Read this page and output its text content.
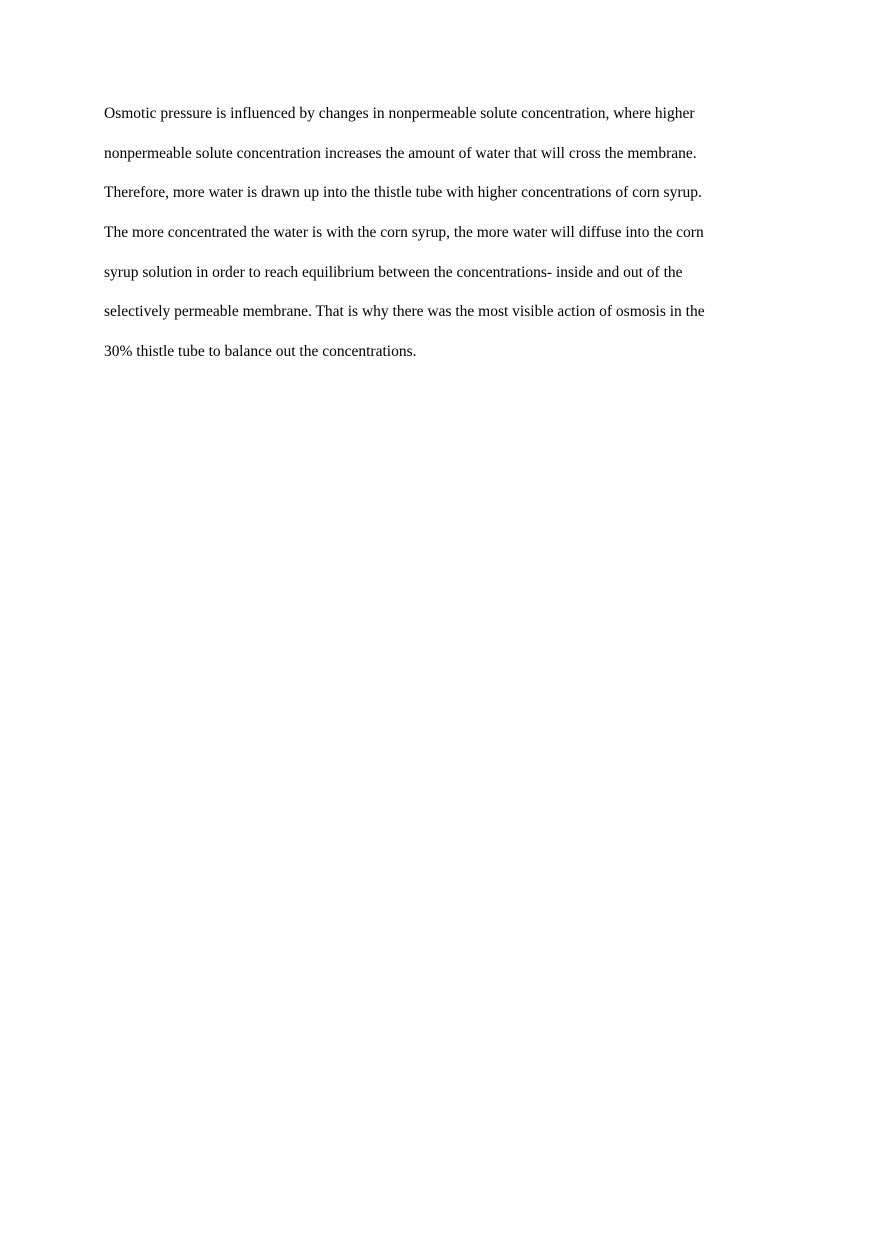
Osmotic pressure is influenced by changes in nonpermeable solute concentration, where higher
nonpermeable solute concentration increases the amount of water that will cross the membrane.
Therefore, more water is drawn up into the thistle tube with higher concentrations of corn syrup.
The more concentrated the water is with the corn syrup, the more water will diffuse into the corn
syrup solution in order to reach equilibrium between the concentrations- inside and out of the
selectively permeable membrane. That is why there was the most visible action of osmosis in the
30% thistle tube to balance out the concentrations.
